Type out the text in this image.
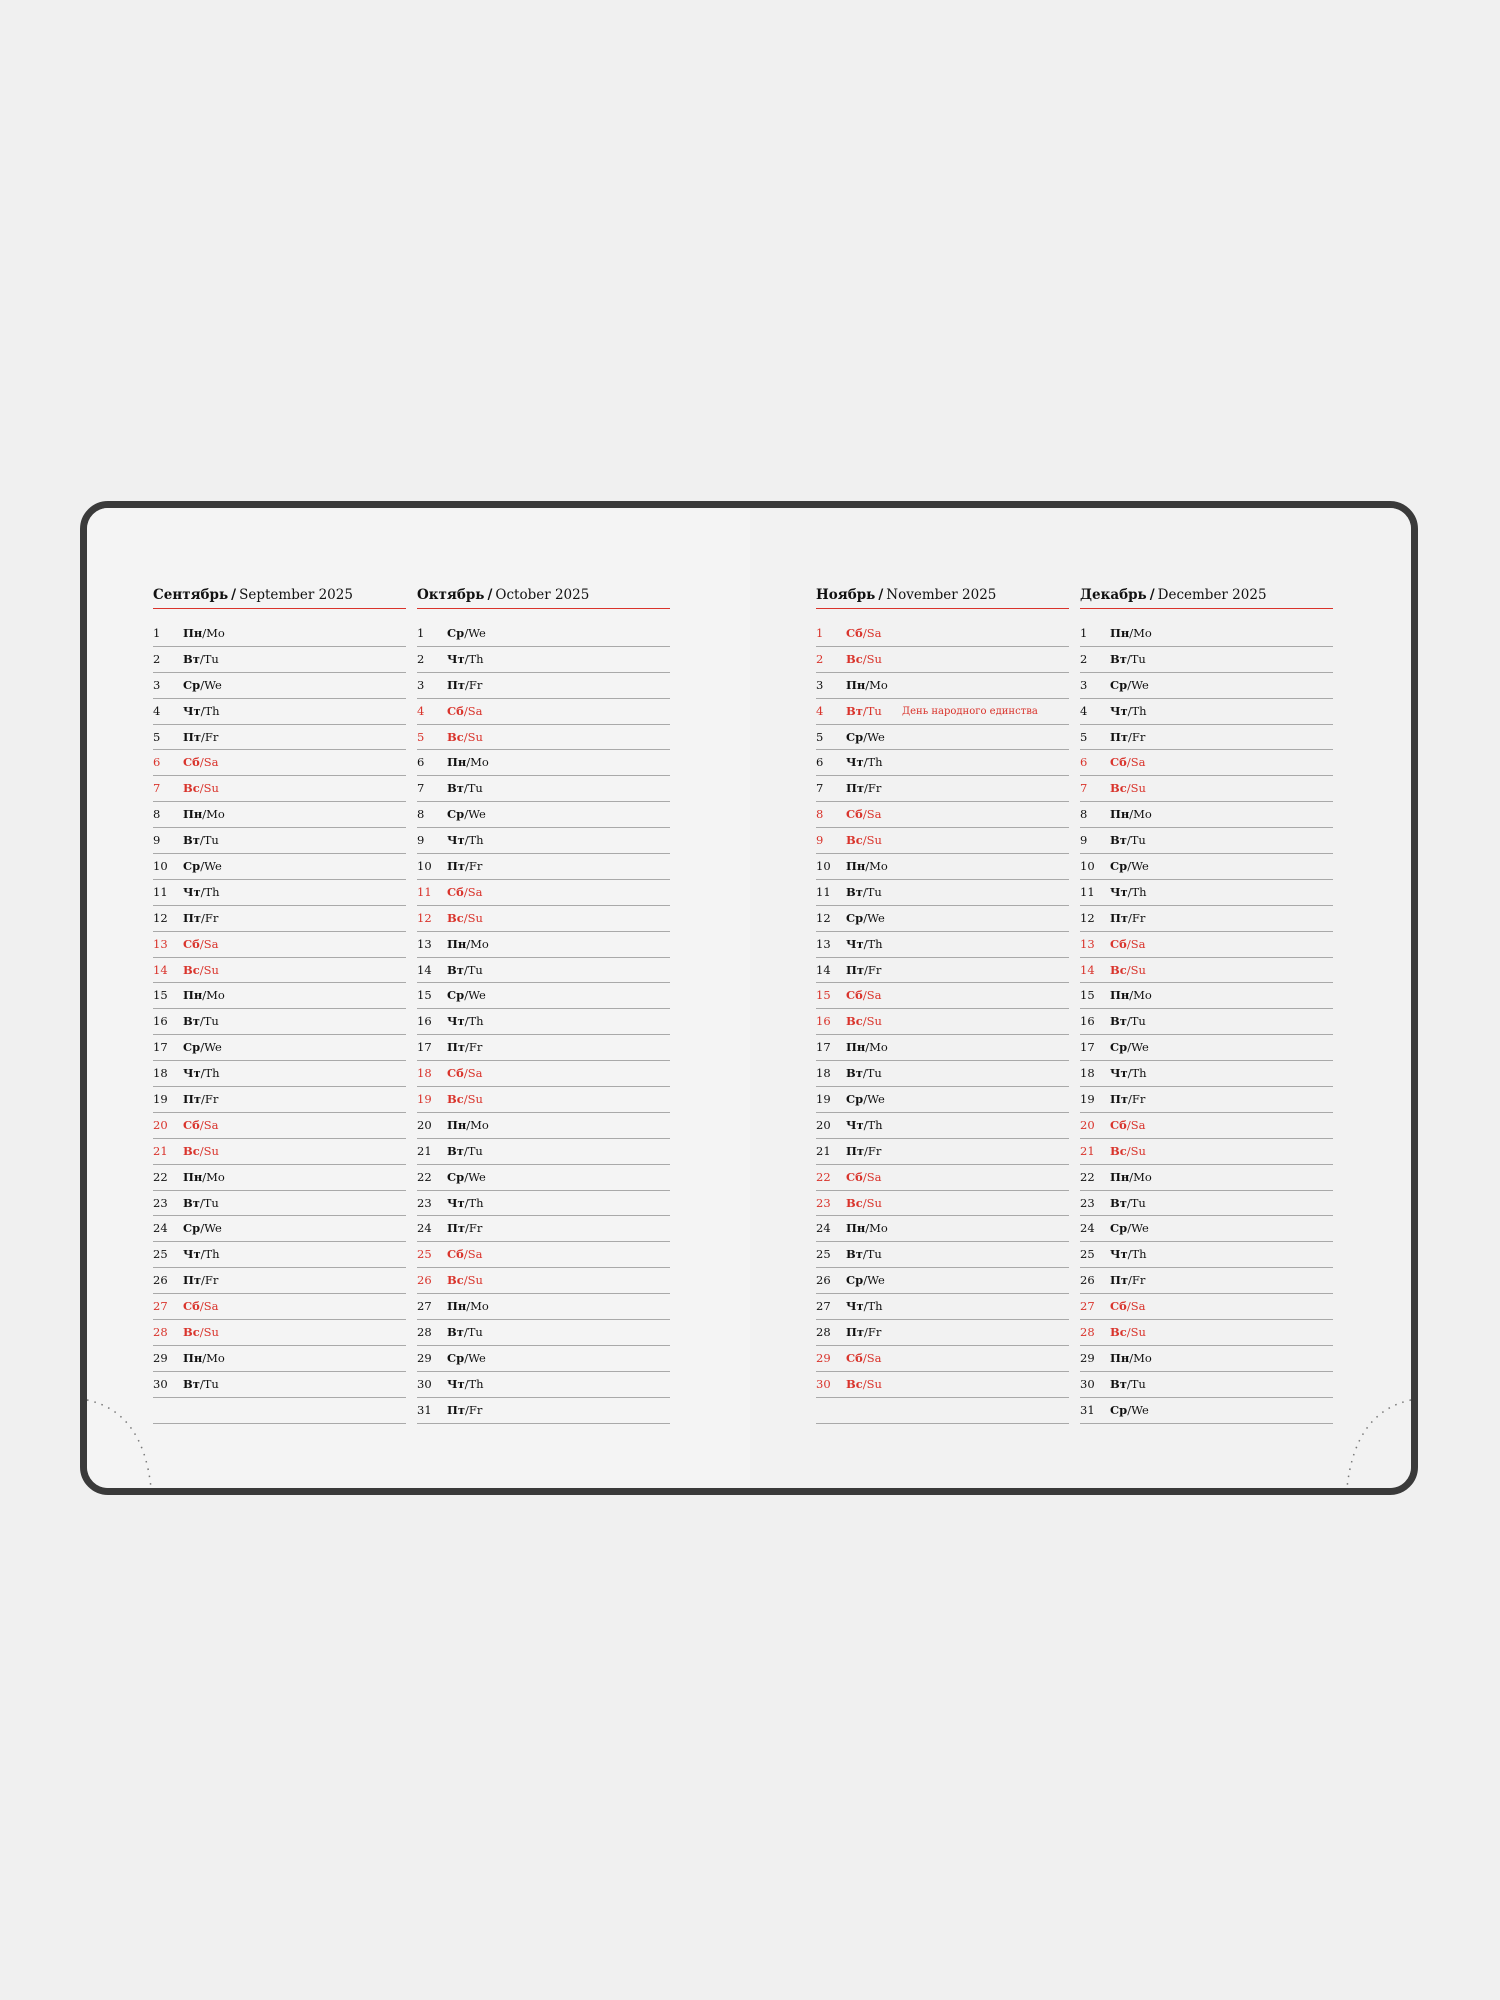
Сентябрь / September 2025
1	Пн/Mo
2	Вт/Tu
3	Ср/We
4	Чт/Th
5	Пт/Fr
6	Сб/Sa
7	Вс/Su
8	Пн/Mo
9	Вт/Tu
10	Ср/We
11	Чт/Th
12	Пт/Fr
13	Сб/Sa
14	Вс/Su
15	Пн/Mo
16	Вт/Tu
17	Ср/We
18	Чт/Th
19	Пт/Fr
20	Сб/Sa
21	Вс/Su
22	Пн/Mo
23	Вт/Tu
24	Ср/We
25	Чт/Th
26	Пт/Fr
27	Сб/Sa
28	Вс/Su
29	Пн/Mo
30	Вт/Tu
Октябрь / October 2025
1	Ср/We
2	Чт/Th
3	Пт/Fr
4	Сб/Sa
5	Вс/Su
6	Пн/Mo
7	Вт/Tu
8	Ср/We
9	Чт/Th
10	Пт/Fr
11	Сб/Sa
12	Вс/Su
13	Пн/Mo
14	Вт/Tu
15	Ср/We
16	Чт/Th
17	Пт/Fr
18	Сб/Sa
19	Вс/Su
20	Пн/Mo
21	Вт/Tu
22	Ср/We
23	Чт/Th
24	Пт/Fr
25	Сб/Sa
26	Вс/Su
27	Пн/Mo
28	Вт/Tu
29	Ср/We
30	Чт/Th
31	Пт/Fr
Ноябрь / November 2025
1	Сб/Sa
2	Вс/Su
3	Пн/Mo
4	Вт/Tu День народного единства
5	Ср/We
6	Чт/Th
7	Пт/Fr
8	Сб/Sa
9	Вс/Su
10	Пн/Mo
11	Вт/Tu
12	Ср/We
13	Чт/Th
14	Пт/Fr
15	Сб/Sa
16	Вс/Su
17	Пн/Mo
18	Вт/Tu
19	Ср/We
20	Чт/Th
21	Пт/Fr
22	Сб/Sa
23	Вс/Su
24	Пн/Mo
25	Вт/Tu
26	Ср/We
27	Чт/Th
28	Пт/Fr
29	Сб/Sa
30	Вс/Su
Декабрь / December 2025
1	Пн/Mo
2	Вт/Tu
3	Ср/We
4	Чт/Th
5	Пт/Fr
6	Сб/Sa
7	Вс/Su
8	Пн/Mo
9	Вт/Tu
10	Ср/We
11	Чт/Th
12	Пт/Fr
13	Сб/Sa
14	Вс/Su
15	Пн/Mo
16	Вт/Tu
17	Ср/We
18	Чт/Th
19	Пт/Fr
20	Сб/Sa
21	Вс/Su
22	Пн/Mo
23	Вт/Tu
24	Ср/We
25	Чт/Th
26	Пт/Fr
27	Сб/Sa
28	Вс/Su
29	Пн/Mo
30	Вт/Tu
31	Ср/We
